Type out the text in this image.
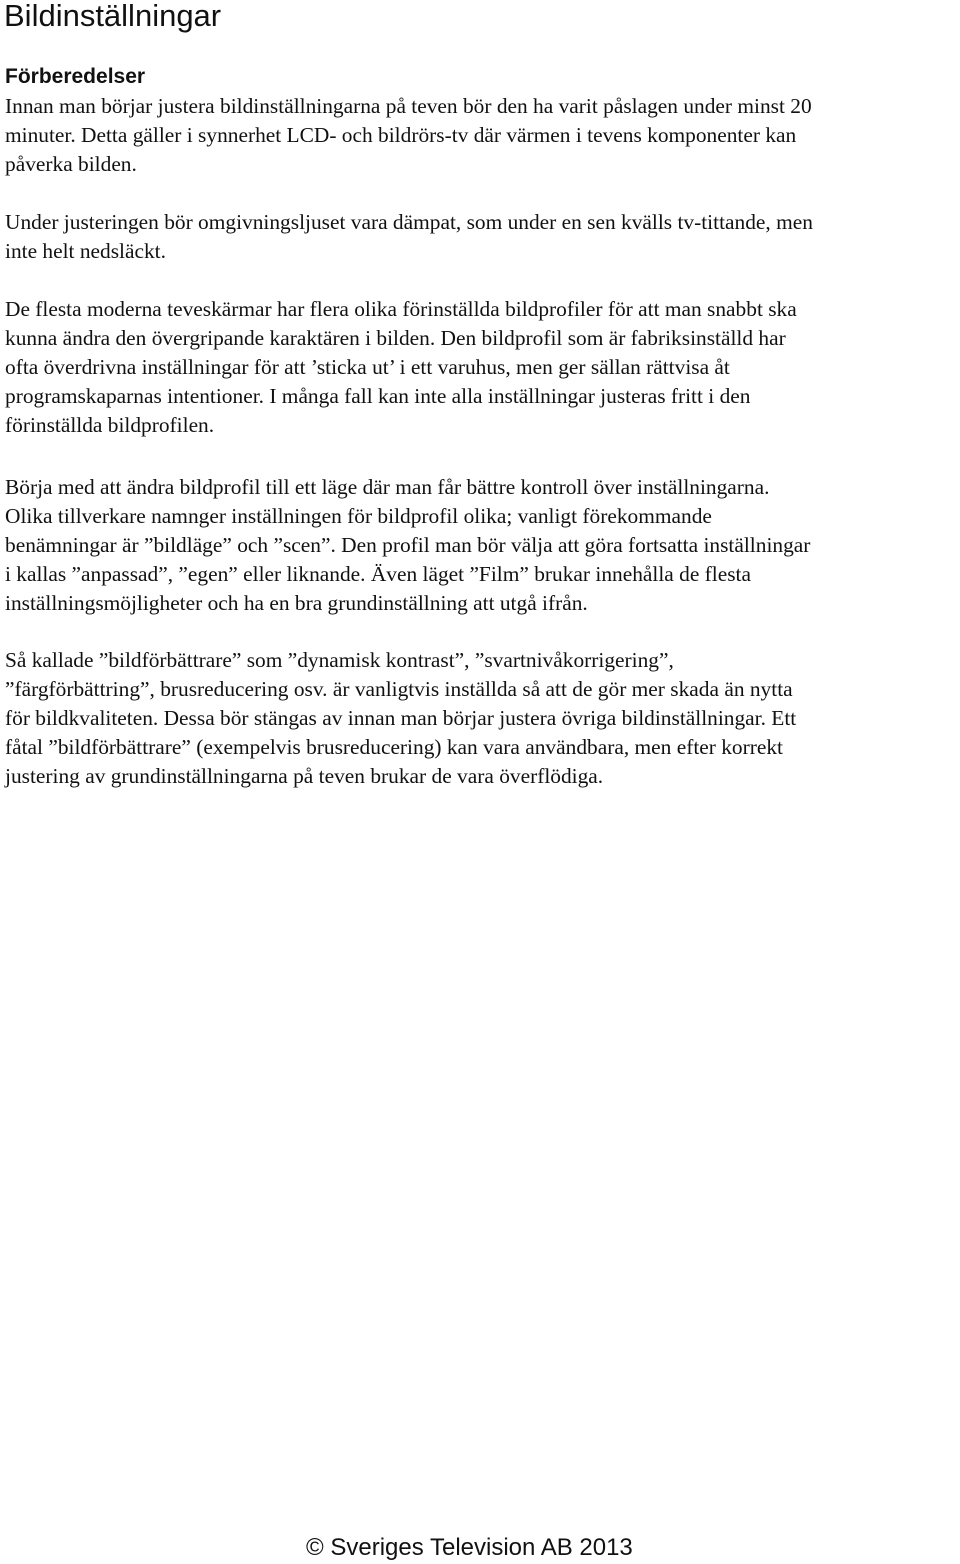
Bildinställningar
Förberedelser

Innan man börjar justera bildinställningarna på teven bör den ha varit påslagen under minst 20
minuter. Detta gäller i synnerhet LCD- och bildrörs-tv där värmen i tevens komponenter kan
påverka bilden.

Under justeringen bör omgivningsljuset vara dämpat, som under en sen kvälls tv-tittande, men
inte helt nedsläckt.

De flesta moderna teveskärmar har flera olika förinställda bildprofiler för att man snabbt ska
kunna ändra den övergripande karaktären i bilden. Den bildprofil som är fabriksinställd har
ofta överdrivna inställningar för att ’sticka ut’ i ett varuhus, men ger sällan rättvisa åt
programskaparnas intentioner. I många fall kan inte alla inställningar justeras fritt i den
förinställda bildprofilen.

Börja med att ändra bildprofil till ett läge där man får bättre kontroll över inställningarna.
Olika tillverkare namnger inställningen för bildprofil olika; vanligt förekommande
benämningar är ”bildläge” och ”scen”. Den profil man bör välja att göra fortsatta inställningar
i kallas ”anpassad”, ”egen” eller liknande. Även läget ”Film” brukar innehålla de flesta
inställningsmöjligheter och ha en bra grundinställning att utgå ifrån.

Så kallade ”bildförbättrare” som ”dynamisk kontrast”, ”svartnivåkorrigering”,
”färgförbättring”, brusreducering osv. är vanligtvis inställda så att de gör mer skada än nytta
för bildkvaliteten. Dessa bör stängas av innan man börjar justera övriga bildinställningar. Ett
fåtal ”bildförbättrare” (exempelvis brusreducering) kan vara användbara, men efter korrekt
justering av grundinställningarna på teven brukar de vara överflödiga.

© Sveriges Television AB 2013
